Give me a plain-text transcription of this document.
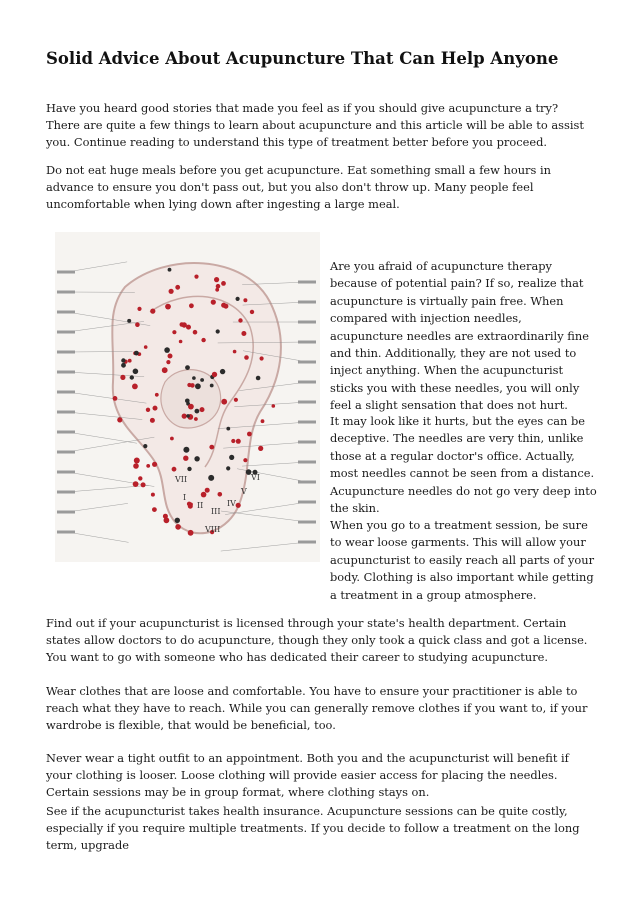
Solid Advice About Acupuncture That Can Help Anyone

Have you heard good stories that made you feel as if you should give acupuncture a try? There are quite a few things to learn about acupuncture and this article will be able to assist you. Continue reading to understand this type of treatment better before you proceed.

Do not eat huge meals before you get acupuncture. Eat something small a few hours in advance to ensure you don't pass out, but you also don't throw up. Many people feel uncomfortable when lying down after ingesting a large meal.

I
II
III
IV
V
VI
VII
VIII

Are you afraid of acupuncture therapy because of potential pain? If so, realize that acupuncture is virtually pain free. When compared with injection needles, acupuncture needles are extraordinarily fine and thin. Additionally, they are not used to inject anything. When the acupuncturist sticks you with these needles, you will only feel a slight sensation that does not hurt.

It may look like it hurts, but the eyes can be deceptive. The needles are very thin, unlike those at a regular doctor's office. Actually, most needles cannot be seen from a distance. Acupuncture needles do not go very deep into the skin.

When you go to a treatment session, be sure to wear loose garments. This will allow your acupuncturist to easily reach all parts of your body. Clothing is also important while getting a treatment in a group atmosphere.

Find out if your acupuncturist is licensed through your state's health department. Certain states allow doctors to do acupuncture, though they only took a quick class and got a license. You want to go with someone who has dedicated their career to studying acupuncture.

Wear clothes that are loose and comfortable. You have to ensure your practitioner is able to reach what they have to reach. While you can generally remove clothes if you want to, if your wardrobe is flexible, that would be beneficial, too.

Never wear a tight outfit to an appointment. Both you and the acupuncturist will benefit if your clothing is looser. Loose clothing will provide easier access for placing the needles. Certain sessions may be in group format, where clothing stays on.

See if the acupuncturist takes health insurance. Acupuncture sessions can be quite costly, especially if you require multiple treatments. If you decide to follow a treatment on the long term, upgrade
